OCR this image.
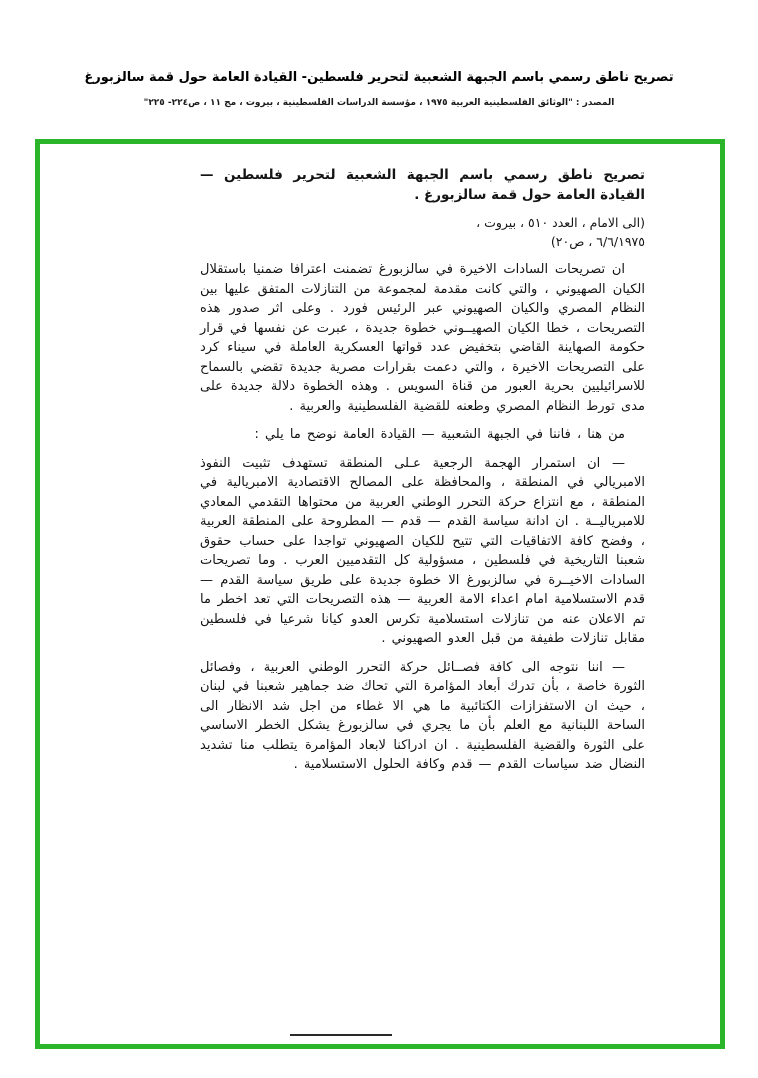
تصريح ناطق رسمي باسم الجبهة الشعبية لتحرير فلسطين- القيادة العامة حول قمة سالزبورغ
المصدر : "الوثائق الفلسطينية العربية ١٩٧٥ ، مؤسسة الدراسات الفلسطينية ، بيروت ، مج ١١ ، ص٢٢٤- ٢٢٥"
تصريح ناطق رسمي باسم الجبهة الشعبية لتحرير فلسطين —
القيادة العامة حول قمة سالزبورغ .
(الى الامام ، العدد ٥١٠ ، بيروت ،
٦/٦/١٩٧٥ ، ص٢٠)

ان تصريحات السادات الاخيرة في سالزبورغ تضمنت اعترافا ضمنيا باستقلال الكيان الصهيوني ، والتي كانت مقدمة لمجموعة من التنازلات المتفق عليها بين النظام المصري والكيان الصهيوني عبر الرئيس فورد . وعلى اثر صدور هذه التصريحات ، خطا الكيان الصهيــوني خطوة جديدة ، عبرت عن نفسها في قرار حكومة الصهاينة القاضي بتخفيض عدد قواتها العسكرية العاملة في سيناء كرد على التصريحات الاخيرة ، والتي دعمت بقرارات مصرية جديدة تقضي بالسماح للاسرائيليين بحرية العبور من قناة السويس . وهذه الخطوة دلالة جديدة على مدى تورط النظام المصري وطعنه للقضية الفلسطينية والعربية .

من هنا ، فاننا في الجبهة الشعبية — القيادة العامة نوضح ما يلي :

— ان استمرار الهجمة الرجعية عـلى المنطقة تستهدف تثبيت النفوذ الامبريالي في المنطقة ، والمحافظة على المصالح الاقتصادية الامبريالية في المنطقة ، مع انتزاع حركة التحرر الوطني العربية من محتواها التقدمي المعادي للامبرياليــة . ان ادانة سياسة القدم — قدم — المطروحة على المنطقة العربية ، وفضح كافة الاتفاقيات التي تتيح للكيان الصهيوني تواجدا على حساب حقوق شعبنا التاريخية في فلسطين ، مسؤولية كل التقدميين العرب . وما تصريحات السادات الاخيــرة في سالزبورغ الا خطوة جديدة على طريق سياسة القدم — قدم الاستسلامية امام اعداء الامة العربية — هذه التصريحات التي تعد اخطر ما تم الاعلان عنه من تنازلات استسلامية تكرس العدو كيانا شرعيا في فلسطين مقابل تنازلات طفيفة من قبل العدو الصهيوني .

— اننا نتوجه الى كافة فصــائل حركة التحرر الوطني العربية ، وفصائل الثورة خاصة ، بأن تدرك أبعاد المؤامرة التي تحاك ضد جماهير شعبنا في لبنان ، حيث ان الاستفزازات الكتائبية ما هي الا غطاء من اجل شد الانظار الى الساحة اللبنانية مع العلم بأن ما يجري في سالزبورغ يشكل الخطر الاساسي على الثورة والقضية الفلسطينية . ان ادراكنا لابعاد المؤامرة يتطلب منا تشديد النضال ضد سياسات القدم — قدم وكافة الحلول الاستسلامية .
